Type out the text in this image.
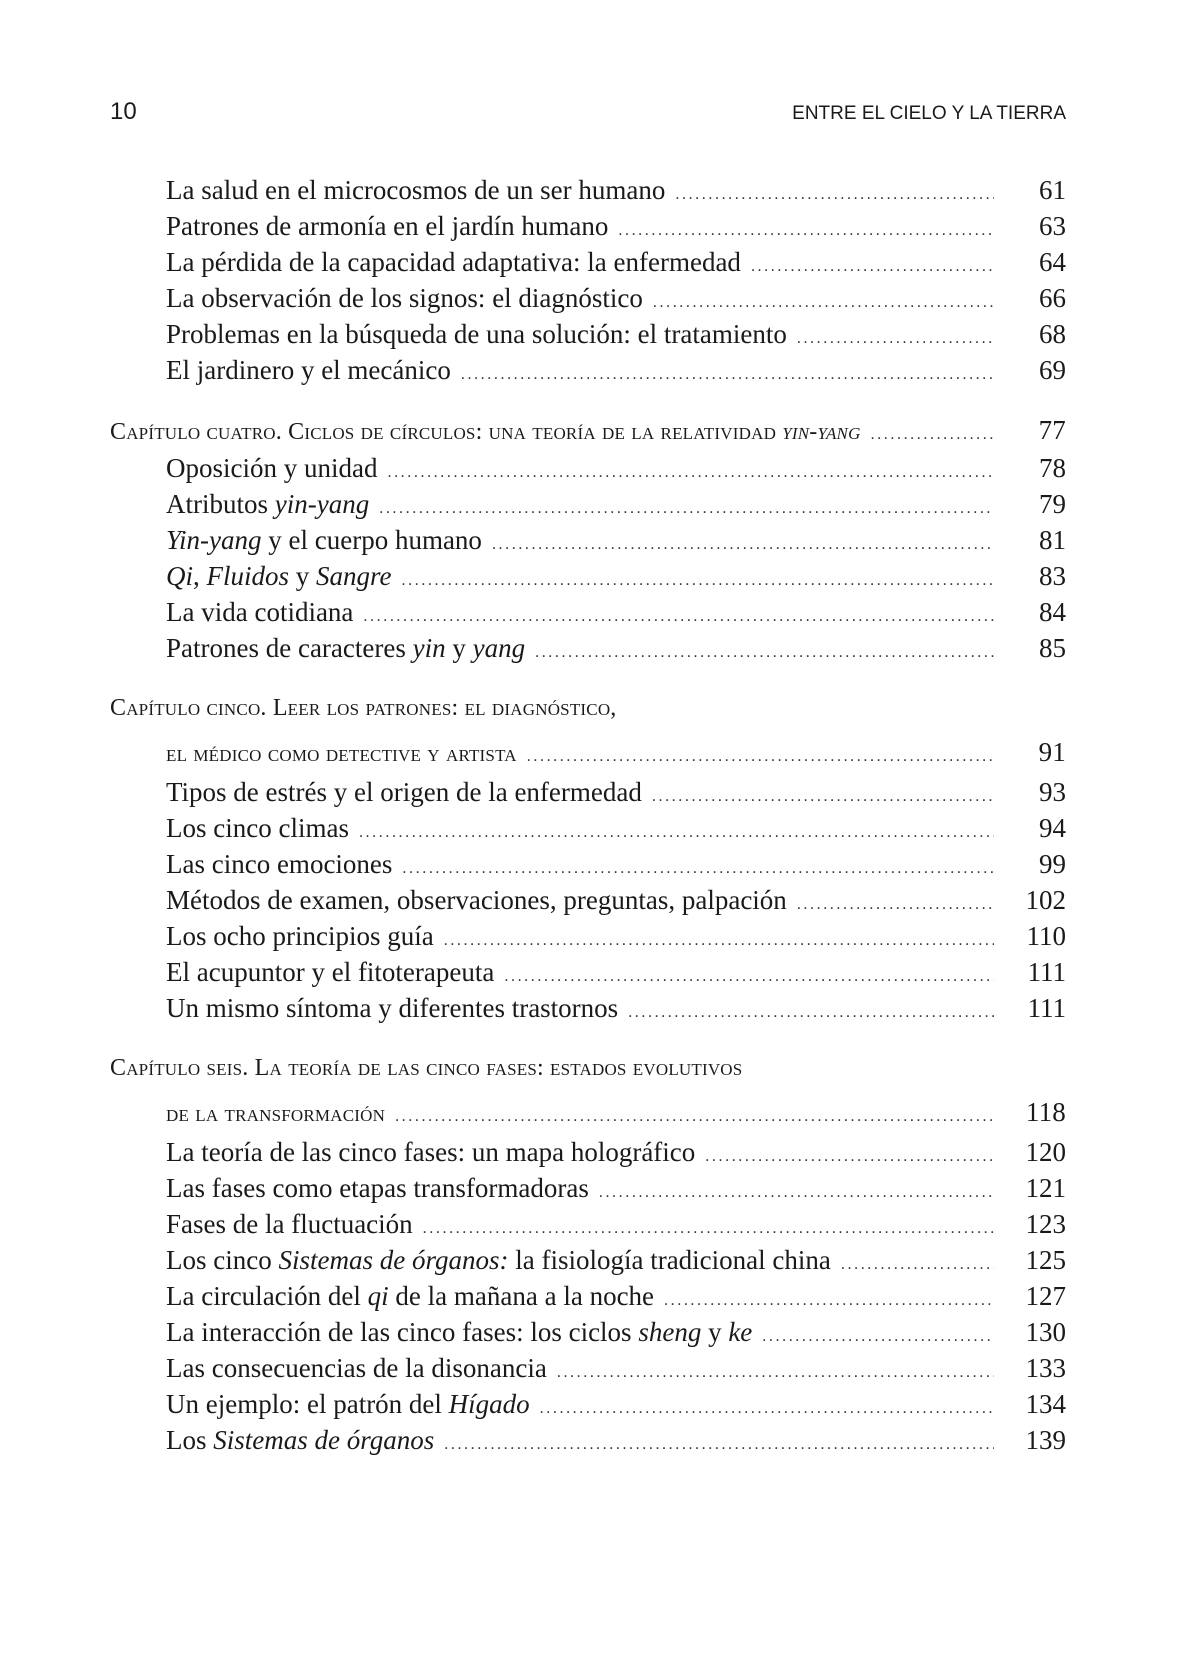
10	ENTRE EL CIELO Y LA TIERRA
La salud en el microcosmos de un ser humano .....	61
Patrones de armonía en el jardín humano .....	63
La pérdida de la capacidad adaptativa: la enfermedad .....	64
La observación de los signos: el diagnóstico .....	66
Problemas en la búsqueda de una solución: el tratamiento .....	68
El jardinero y el mecánico .....	69
Capítulo cuatro. Ciclos de círculos: una teoría de la relatividad yin-yang .....	77
Oposición y unidad .....	78
Atributos yin-yang .....	79
Yin-yang y el cuerpo humano .....	81
Qi, Fluidos y Sangre .....	83
La vida cotidiana .....	84
Patrones de caracteres yin y yang .....	85
Capítulo cinco. Leer los patrones: el diagnóstico,
el médico como detective y artista .....	91
Tipos de estrés y el origen de la enfermedad .....	93
Los cinco climas .....	94
Las cinco emociones .....	99
Métodos de examen, observaciones, preguntas, palpación .....	102
Los ocho principios guía .....	110
El acupuntor y el fitoterapeuta .....	111
Un mismo síntoma y diferentes trastornos .....	111
Capítulo seis. La teoría de las cinco fases: estados evolutivos
de la transformación .....	118
La teoría de las cinco fases: un mapa holográfico .....	120
Las fases como etapas transformadoras .....	121
Fases de la fluctuación .....	123
Los cinco Sistemas de órganos: la fisiología tradicional china .....	125
La circulación del qi de la mañana a la noche .....	127
La interacción de las cinco fases: los ciclos sheng y ke .....	130
Las consecuencias de la disonancia .....	133
Un ejemplo: el patrón del Hígado .....	134
Los Sistemas de órganos .....	139
